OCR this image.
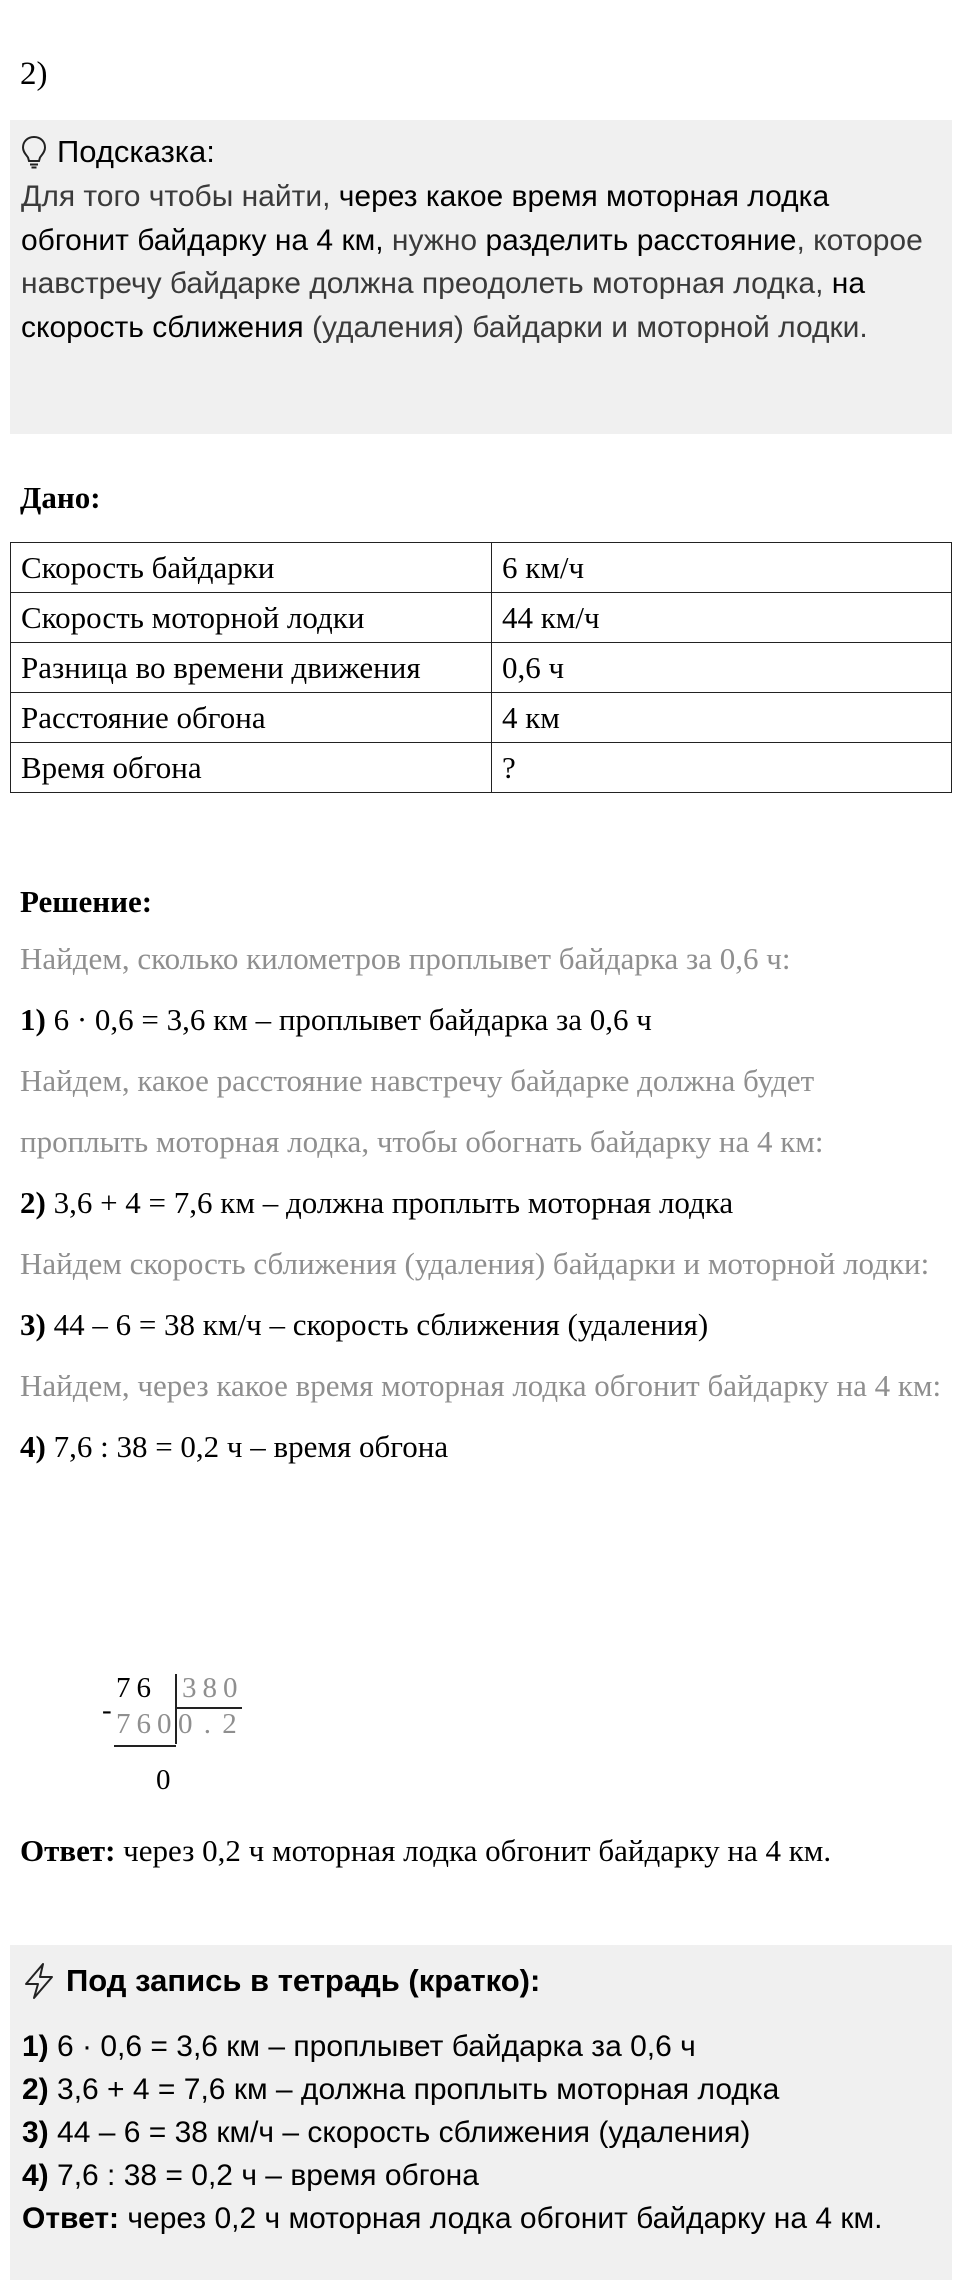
2)
Подсказка:
Для того чтобы найти, через какое время моторная лодка обгонит байдарку на 4 км, нужно разделить расстояние, которое навстречу байдарке должна преодолеть моторная лодка, на скорость сближения (удаления) байдарки и моторной лодки.
Дано:
Скорость байдарки	6 км/ч
Скорость моторной лодки	44 км/ч
Разница во времени движения	0,6 ч
Расстояние обгона	4 км
Время обгона	?
Решение:
Найдем, сколько километров проплывет байдарка за 0,6 ч:
1) 6 · 0,6 = 3,6 км – проплывет байдарка за 0,6 ч
Найдем, какое расстояние навстречу байдарке должна будет проплыть моторная лодка, чтобы обогнать байдарку на 4 км:
2) 3,6 + 4 = 7,6 км – должна проплыть моторная лодка
Найдем скорость сближения (удаления) байдарки и моторной лодки:
3) 44 – 6 = 38 км/ч – скорость сближения (удаления)
Найдем, через какое время моторная лодка обгонит байдарку на 4 км:
4) 7,6 : 38 = 0,2 ч – время обгона
76 380
- 760 0 . 2
0
Ответ: через 0,2 ч моторная лодка обгонит байдарку на 4 км.
Под запись в тетрадь (кратко):
1) 6 · 0,6 = 3,6 км – проплывет байдарка за 0,6 ч
2) 3,6 + 4 = 7,6 км – должна проплыть моторная лодка
3) 44 – 6 = 38 км/ч – скорость сближения (удаления)
4) 7,6 : 38 = 0,2 ч – время обгона
Ответ: через 0,2 ч моторная лодка обгонит байдарку на 4 км.
